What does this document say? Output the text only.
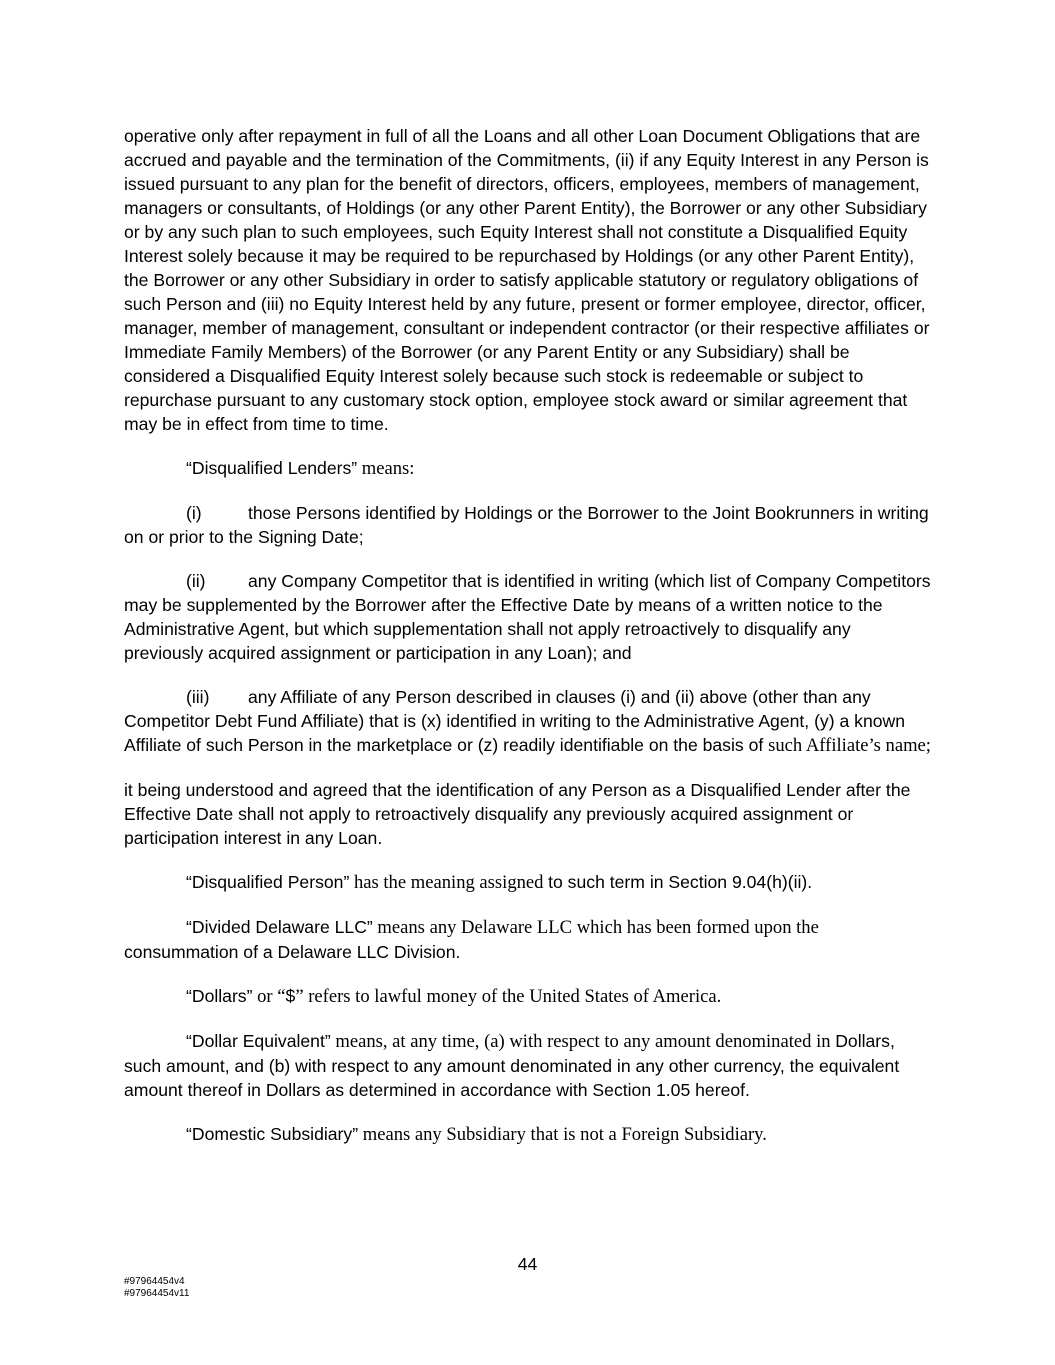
operative only after repayment in full of all the Loans and all other Loan Document Obligations that are accrued and payable and the termination of the Commitments, (ii) if any Equity Interest in any Person is issued pursuant to any plan for the benefit of directors, officers, employees, members of management, managers or consultants, of Holdings (or any other Parent Entity), the Borrower or any other Subsidiary or by any such plan to such employees, such Equity Interest shall not constitute a Disqualified Equity Interest solely because it may be required to be repurchased by Holdings (or any other Parent Entity), the Borrower or any other Subsidiary in order to satisfy applicable statutory or regulatory obligations of such Person and (iii) no Equity Interest held by any future, present or former employee, director, officer, manager, member of management, consultant or independent contractor (or their respective affiliates or Immediate Family Members) of the Borrower (or any Parent Entity or any Subsidiary) shall be considered a Disqualified Equity Interest solely because such stock is redeemable or subject to repurchase pursuant to any customary stock option, employee stock award or similar agreement that may be in effect from time to time.

“Disqualified Lenders” means:

(i)	those Persons identified by Holdings or the Borrower to the Joint Bookrunners in writing on or prior to the Signing Date;

(ii) any Company Competitor that is identified in writing (which list of Company Competitors may be supplemented by the Borrower after the Effective Date by means of a written notice to the Administrative Agent, but which supplementation shall not apply retroactively to disqualify any previously acquired assignment or participation in any Loan); and

(iii) any Affiliate of any Person described in clauses (i) and (ii) above (other than any Competitor Debt Fund Affiliate) that is (x) identified in writing to the Administrative Agent, (y) a known Affiliate of such Person in the marketplace or (z) readily identifiable on the basis of such Affiliate’s name;

it being understood and agreed that the identification of any Person as a Disqualified Lender after the Effective Date shall not apply to retroactively disqualify any previously acquired assignment or participation interest in any Loan.

“Disqualified Person” has the meaning assigned to such term in Section 9.04(h)(ii).

“Divided Delaware LLC” means any Delaware LLC which has been formed upon the consummation of a Delaware LLC Division.

“Dollars” or “$” refers to lawful money of the United States of America.

“Dollar Equivalent” means, at any time, (a) with respect to any amount denominated in Dollars, such amount, and (b) with respect to any amount denominated in any other currency, the equivalent amount thereof in Dollars as determined in accordance with Section 1.05 hereof.

“Domestic Subsidiary” means any Subsidiary that is not a Foreign Subsidiary.

44
#97964454v4
#97964454v11
